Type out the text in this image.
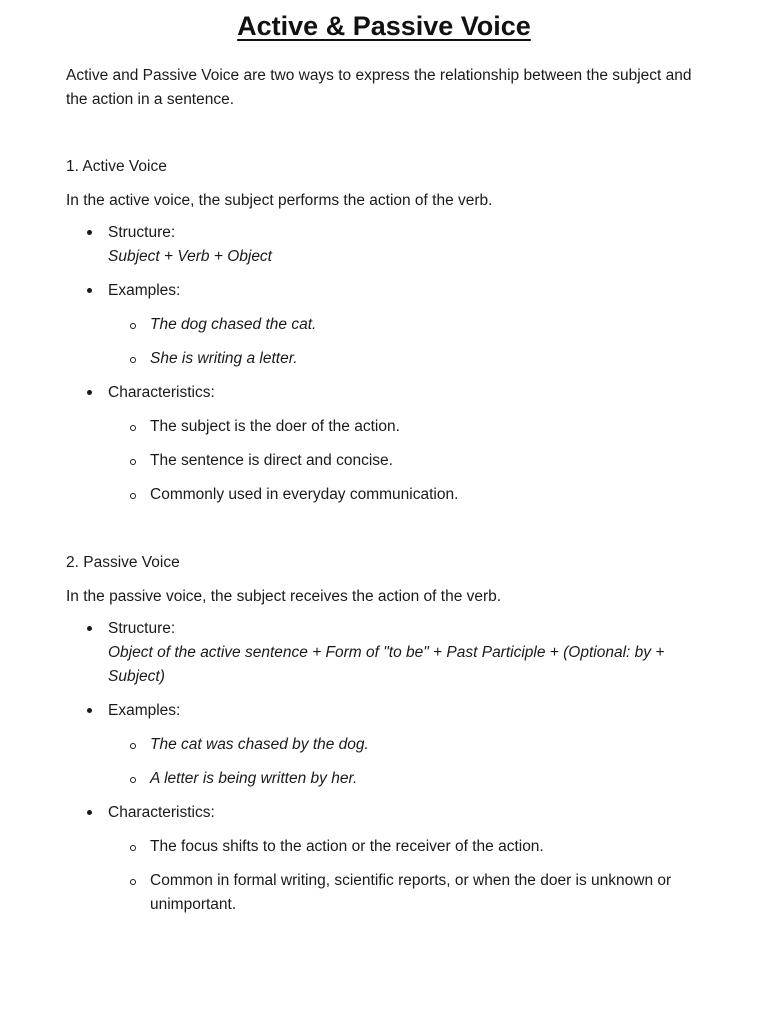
Active & Passive Voice

Active and Passive Voice are two ways to express the relationship between the subject and the action in a sentence.

1. Active Voice

In the active voice, the subject performs the action of the verb.

Structure:
Subject + Verb + Object
Examples:
The dog chased the cat.
She is writing a letter.
Characteristics:
The subject is the doer of the action.
The sentence is direct and concise.
Commonly used in everyday communication.

2. Passive Voice

In the passive voice, the subject receives the action of the verb.

Structure:
Object of the active sentence + Form of "to be" + Past Participle + (Optional: by + Subject)
Examples:
The cat was chased by the dog.
A letter is being written by her.
Characteristics:
The focus shifts to the action or the receiver of the action.
Common in formal writing, scientific reports, or when the doer is unknown or unimportant.
